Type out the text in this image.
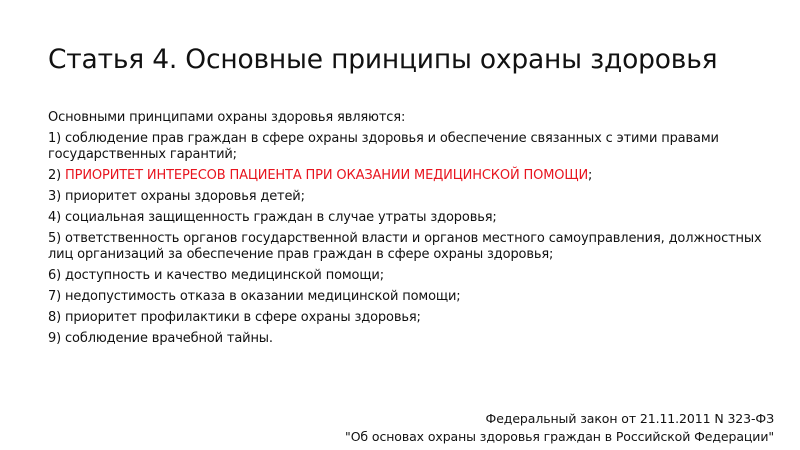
Статья 4. Основные принципы охраны здоровья

Основными принципами охраны здоровья являются:

1) соблюдение прав граждан в сфере охраны здоровья и обеспечение связанных с этими правами государственных гарантий;

2) ПРИОРИТЕТ ИНТЕРЕСОВ ПАЦИЕНТА ПРИ ОКАЗАНИИ МЕДИЦИНСКОЙ ПОМОЩИ;

3) приоритет охраны здоровья детей;

4) социальная защищенность граждан в случае утраты здоровья;

5) ответственность органов государственной власти и органов местного самоуправления, должностных лиц организаций за обеспечение прав граждан в сфере охраны здоровья;

6) доступность и качество медицинской помощи;

7) недопустимость отказа в оказании медицинской помощи;

8) приоритет профилактики в сфере охраны здоровья;

9) соблюдение врачебной тайны.

Федеральный закон от 21.11.2011 N 323-ФЗ
"Об основах охраны здоровья граждан в Российской Федерации"
